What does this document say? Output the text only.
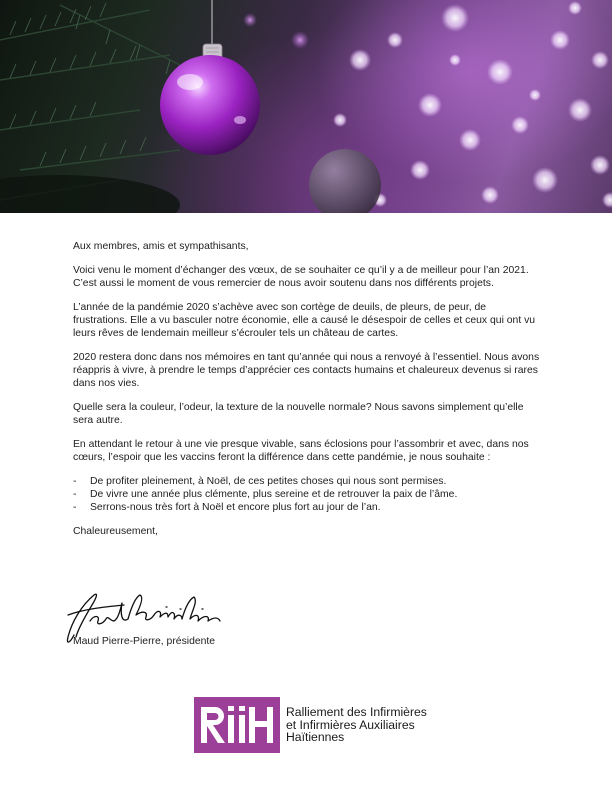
Aux membres, amis et sympathisants,

Voici venu le moment d’échanger des vœux, de se souhaiter ce qu’il y a de meilleur pour l’an 2021. C’est aussi le moment de vous remercier de nous avoir soutenu dans nos différents projets.

L’année de la pandémie 2020 s’achève avec son cortège de deuils, de pleurs, de peur, de frustrations. Elle a vu basculer notre économie, elle a causé le désespoir de celles et ceux qui ont vu leurs rêves de lendemain meilleur s’écrouler tels un château de cartes.

2020 restera donc dans nos mémoires en tant qu’année qui nous a renvoyé à l’essentiel. Nous avons réappris à vivre, à prendre le temps d’apprécier ces contacts humains et chaleureux devenus si rares dans nos vies.

Quelle sera la couleur, l’odeur, la texture de la nouvelle normale? Nous savons simplement qu’elle sera autre.

En attendant le retour à une vie presque vivable, sans éclosions pour l’assombrir et avec, dans nos cœurs, l’espoir que les vaccins feront la différence dans cette pandémie, je nous souhaite :

- De profiter pleinement, à Noël, de ces petites choses qui nous sont permises.
- De vivre une année plus clémente, plus sereine et de retrouver la paix de l’âme.
- Serrons-nous très fort à Noël et encore plus fort au jour de l’an.

Chaleureusement,

Maud Pierre-Pierre, présidente
Ralliement des Infirmières
et Infirmières Auxiliaires
Haïtiennes
